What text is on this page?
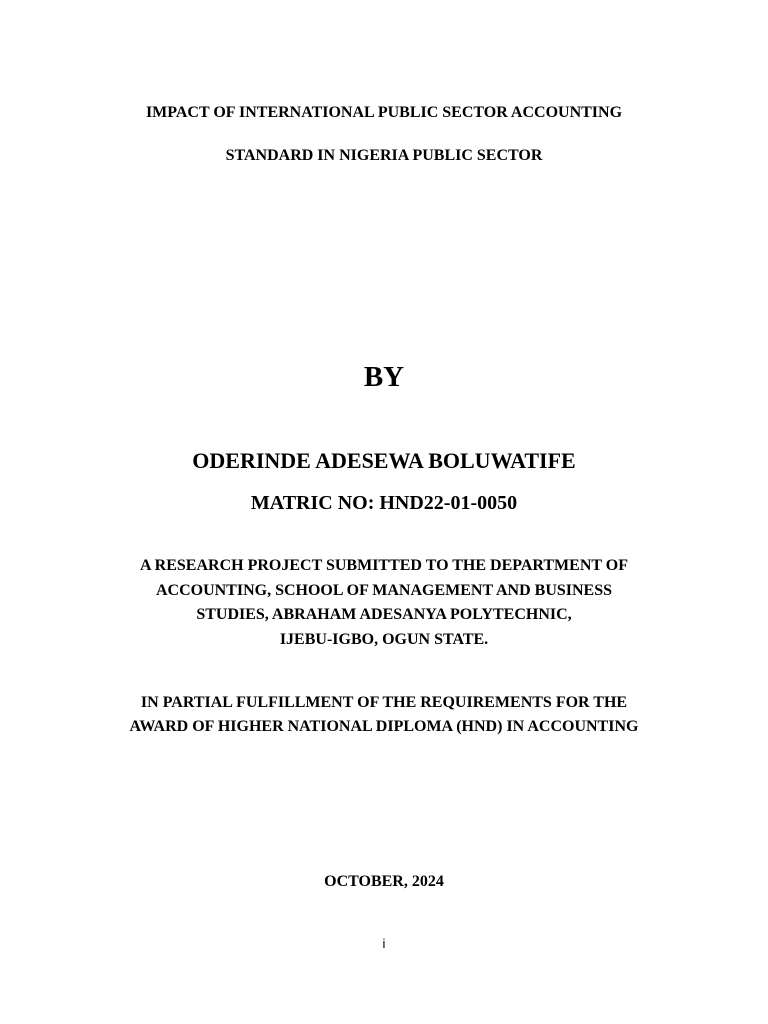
IMPACT OF INTERNATIONAL PUBLIC SECTOR ACCOUNTING
STANDARD IN NIGERIA PUBLIC SECTOR
BY
ODERINDE ADESEWA BOLUWATIFE
MATRIC NO: HND22-01-0050
A RESEARCH PROJECT SUBMITTED TO THE DEPARTMENT OF
ACCOUNTING, SCHOOL OF MANAGEMENT AND BUSINESS
STUDIES, ABRAHAM ADESANYA POLYTECHNIC,
IJEBU-IGBO, OGUN STATE.
IN PARTIAL FULFILLMENT OF THE REQUIREMENTS FOR THE
AWARD OF HIGHER NATIONAL DIPLOMA (HND) IN ACCOUNTING
OCTOBER, 2024
i
